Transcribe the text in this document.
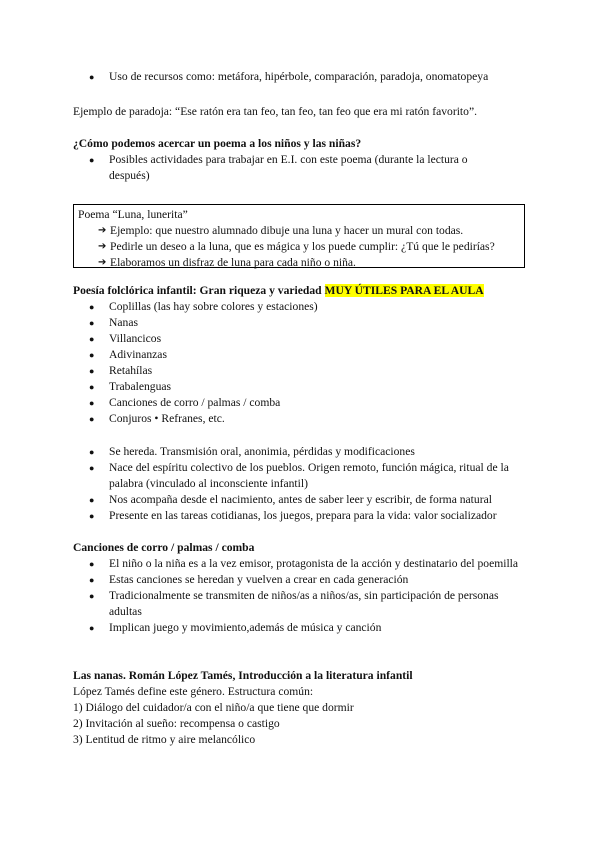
● Uso de recursos como: metáfora, hipérbole, comparación, paradoja, onomatopeya
Ejemplo de paradoja: “Ese ratón era tan feo, tan feo, tan feo que era mi ratón favorito”.
¿Cómo podemos acercar un poema a los niños y las niñas?
● Posibles actividades para trabajar en E.I. con este poema (durante la lectura o después)
Poema “Luna, lunerita”
➔ Ejemplo: que nuestro alumnado dibuje una luna y hacer un mural con todas.
➔ Pedirle un deseo a la luna, que es mágica y los puede cumplir: ¿Tú que le pedirías?
➔ Elaboramos un disfraz de luna para cada niño o niña.
Poesía folclórica infantil: Gran riqueza y variedad MUY ÚTILES PARA EL AULA
● Coplillas (las hay sobre colores y estaciones)
● Nanas
● Villancicos
● Adivinanzas
● Retahílas
● Trabalenguas
● Canciones de corro / palmas / comba
● Conjuros • Refranes, etc.
● Se hereda. Transmisión oral, anonimia, pérdidas y modificaciones
● Nace del espíritu colectivo de los pueblos. Origen remoto, función mágica, ritual de la palabra (vinculado al inconsciente infantil)
● Nos acompaña desde el nacimiento, antes de saber leer y escribir, de forma natural
● Presente en las tareas cotidianas, los juegos, prepara para la vida: valor socializador
Canciones de corro / palmas / comba
● El niño o la niña es a la vez emisor, protagonista de la acción y destinatario del poemilla
● Estas canciones se heredan y vuelven a crear en cada generación
● Tradicionalmente se transmiten de niños/as a niños/as, sin participación de personas adultas
● Implican juego y movimiento,además de música y canción
Las nanas. Román López Tamés, Introducción a la literatura infantil
López Tamés define este género. Estructura común:
1) Diálogo del cuidador/a con el niño/a que tiene que dormir
2) Invitación al sueño: recompensa o castigo
3) Lentitud de ritmo y aire melancólico
